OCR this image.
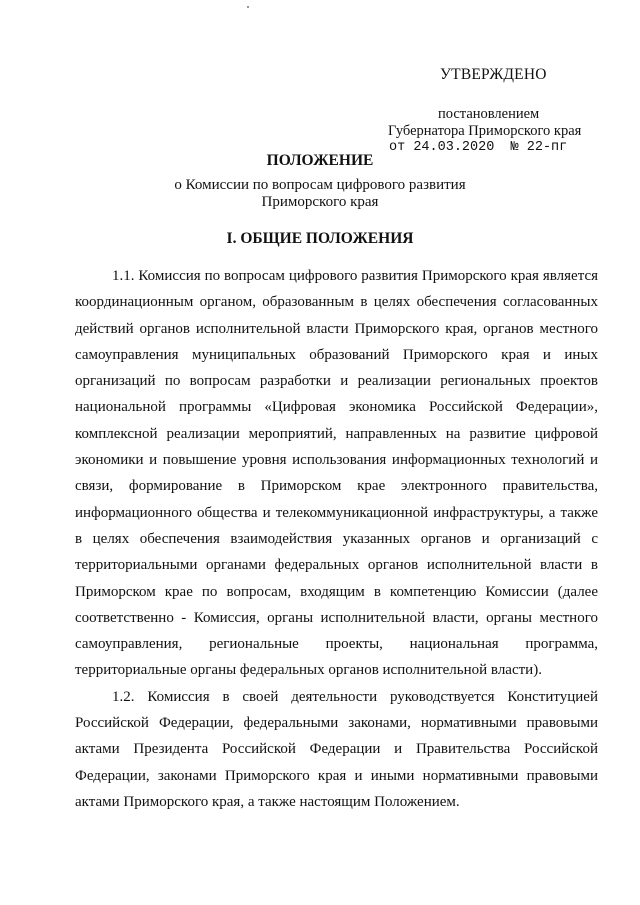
УТВЕРЖДЕНО
постановлением
Губернатора Приморского края
от 24.03.2020 № 22-пг
ПОЛОЖЕНИЕ
о Комиссии по вопросам цифрового развития
Приморского края
I. ОБЩИЕ ПОЛОЖЕНИЯ

1.1. Комиссия по вопросам цифрового развития Приморского края является координационным органом, образованным в целях обеспечения согласованных действий органов исполнительной власти Приморского края, органов местного самоуправления муниципальных образований Приморского края и иных организаций по вопросам разработки и реализации региональных проектов национальной программы «Цифровая экономика Российской Федерации», комплексной реализации мероприятий, направленных на развитие цифровой экономики и повышение уровня использования информационных технологий и связи, формирование в Приморском крае электронного правительства, информационного общества и телекоммуникационной инфраструктуры, а также в целях обеспечения взаимодействия указанных органов и организаций с территориальными органами федеральных органов исполнительной власти в Приморском крае по вопросам, входящим в компетенцию Комиссии (далее соответственно - Комиссия, органы исполнительной власти, органы местного самоуправления, региональные проекты, национальная программа, территориальные органы федеральных органов исполнительной власти).

1.2. Комиссия в своей деятельности руководствуется Конституцией Российской Федерации, федеральными законами, нормативными правовыми актами Президента Российской Федерации и Правительства Российской Федерации, законами Приморского края и иными нормативными правовыми актами Приморского края, а также настоящим Положением.
